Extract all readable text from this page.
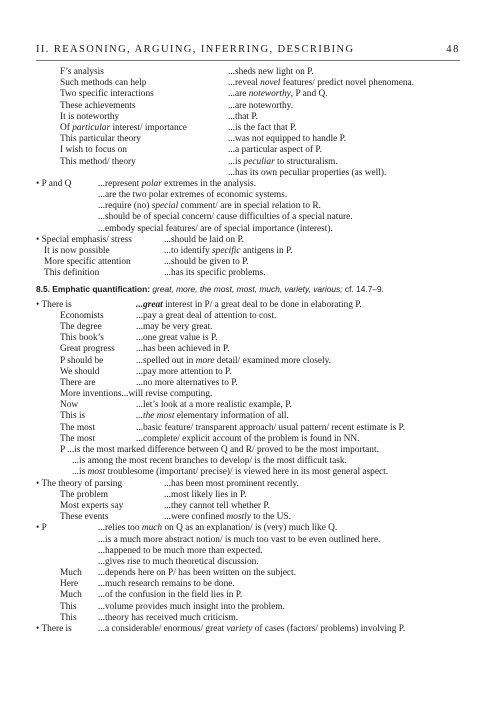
II. REASONING, ARGUING, INFERRING, DESCRIBING	48
F’s analysis	...sheds new light on P.
Such methods can help	...reveal novel features/ predict novel phenomena.
Two specific interactions	...are noteworthy, P and Q.
These achievements	...are noteworthy.
It is noteworthy	...that P.
Of particular interest/ importance	...is the fact that P.
This particular theory	...was not equipped to handle P.
I wish to focus on	...a particular aspect of P.
This method/ theory	...is peculiar to structuralism.
...has its own peculiar properties (as well).
• P and Q	...represent polar extremes in the analysis.
...are the two polar extremes of economic systems.
...require (no) special comment/ are in special relation to R.
...should be of special concern/ cause difficulties of a special nature.
...embody special features/ are of special importance (interest).
• Special emphasis/ stress	...should be laid on P.
It is now possible	...to identify specific antigens in P.
More specific attention	...should be given to P.
This definition	...has its specific problems.
8.5. Emphatic quantification: great, more, the most, most, much, variety, various; cf. 14.7–9.
• There is	...great interest in P/ a great deal to be done in elaborating P.
Economists	...pay a great deal of attention to cost.
The degree	...may be very great.
This book’s	...one great value is P.
Great progress ...has been achieved in P.
P should be	...spelled out in more detail/ examined more closely.
We should	...pay more attention to P.
There are	...no more alternatives to P.
More inventions...will revise computing.
Now	...let’s look at a more realistic example, P.
This is	...the most elementary information of all.
The most	...basic feature/ transparent approach/ usual pattern/ recent estimate is P.
The most	...complete/ explicit account of the problem is found in NN.
P ...is the most marked difference between Q and R/ proved to be the most important.
...is among the most recent branches to develop/ is the most difficult task.
...is most troublesome (important/ precise)/ is viewed here in its most general aspect.
• The theory of parsing	...has been most prominent recently.
The problem	...most likely lies in P.
Most experts say	...they cannot tell whether P.
These events	...were confined mostly to the US.
• P	...relies too much on Q as an explanation/ is (very) much like Q.
...is a much more abstract notion/ is much too vast to be even outlined here.
...happened to be much more than expected.
...gives rise to much theoretical discussion.
Much ...depends here on P/ has been written on the subject.
Here ...much research remains to be done.
Much ...of the confusion in the field lies in P.
This ...volume provides much insight into the problem.
This ...theory has received much criticism.
• There is	...a considerable/ enormous/ great variety of cases (factors/ problems) involving P.
